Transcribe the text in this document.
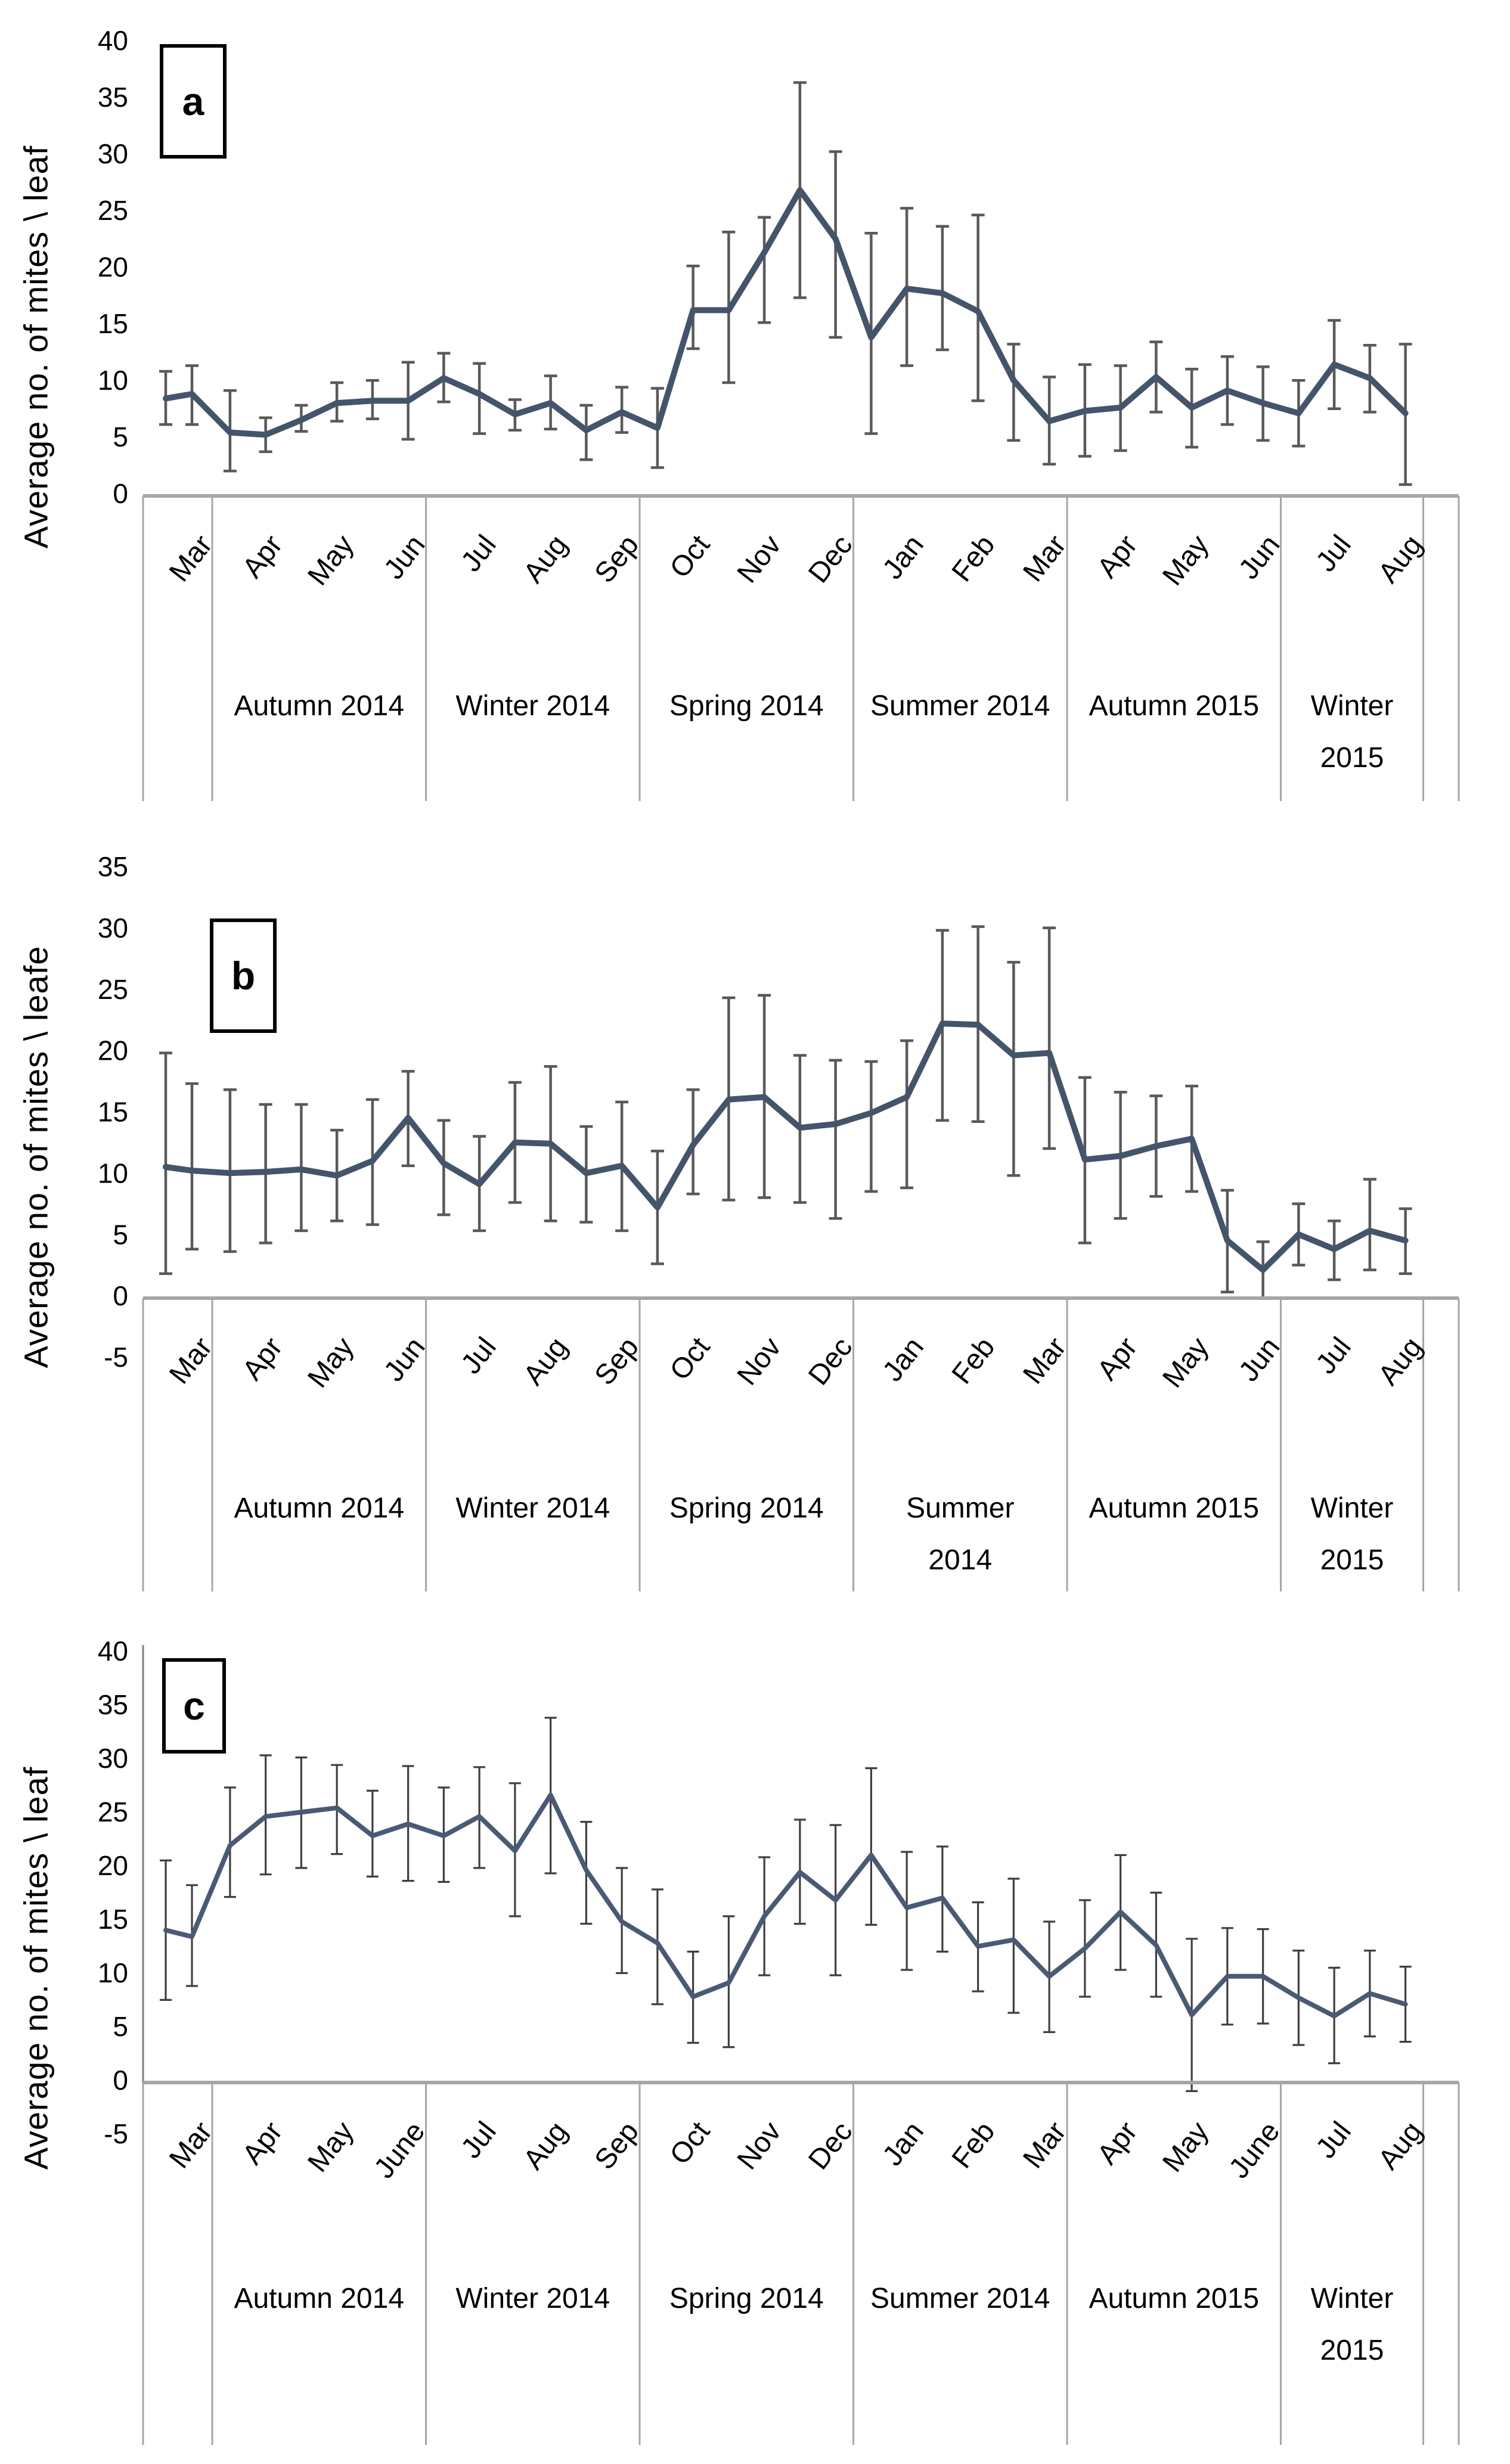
Average no. of mites \ leaf
a
40
35
30
25
20
15
10
5
0
Mar Apr May Jun Jul Aug Sep Oct Nov Dec Jan Feb Mar Apr May Jun Jul Aug
Autumn 2014 Winter 2014 Spring 2014 Summer 2014 Autumn 2015 Winter
2015
Average no. of mites \ leafe	b
35
30
25
20
15
10
5
0
-5 Mar Apr May Jun Jul Aug Sep Oct Nov Dec Jan Feb Mar Apr May Jun Jul Aug
Autumn 2014 Winter 2014 Spring 2014	Summer
2014
Autumn 2015 Winter
2015
Average no. of mites \ leaf
c
40
35
30
25
20
15
10
5
0
-5 Mar Apr May June Jul Aug Sep Oct Nov Dec Jan Feb Mar Apr May June Jul Aug
Autumn 2014 Winter 2014 Spring 2014 Summer 2014 Autumn 2015 Winter
2015
